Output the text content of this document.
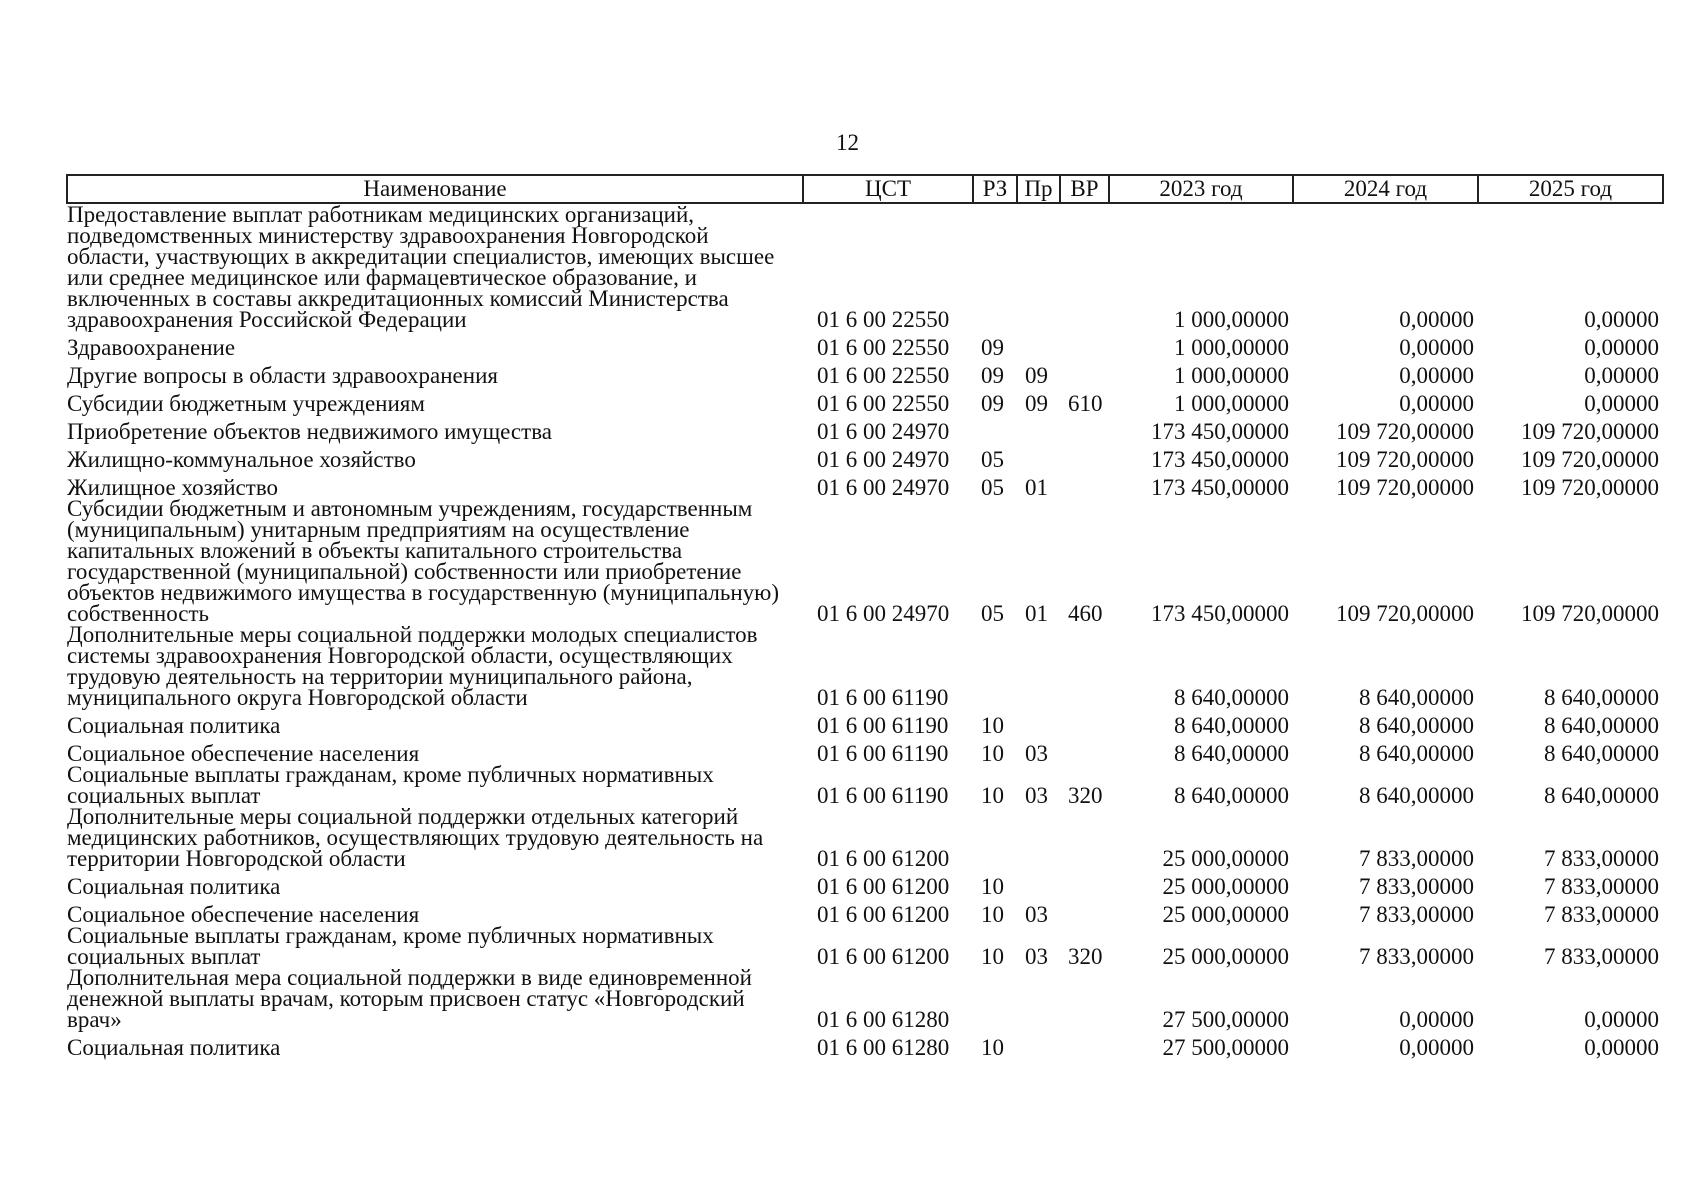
12
Наименование	ЦСТ	РЗ	Пр	ВР	2023 год	2024 год	2025 год
Предоставление выплат работникам медицинских организаций, подведомственных министерству здравоохранения Новгородской области, участвующих в аккредитации специалистов, имеющих высшее или среднее медицинское или фармацевтическое образование, и включенных в составы аккредитационных комиссий Министерства здравоохранения Российской Федерации	01 6 00 22550				1 000,00000	0,00000	0,00000
Здравоохранение	01 6 00 22550	09			1 000,00000	0,00000	0,00000
Другие вопросы в области здравоохранения	01 6 00 22550	09	09		1 000,00000	0,00000	0,00000
Субсидии бюджетным учреждениям	01 6 00 22550	09	09	610	1 000,00000	0,00000	0,00000
Приобретение объектов недвижимого имущества	01 6 00 24970				173 450,00000	109 720,00000	109 720,00000
Жилищно-коммунальное хозяйство	01 6 00 24970	05			173 450,00000	109 720,00000	109 720,00000
Жилищное хозяйство	01 6 00 24970	05	01		173 450,00000	109 720,00000	109 720,00000
Субсидии бюджетным и автономным учреждениям, государственным (муниципальным) унитарным предприятиям на осуществление капитальных вложений в объекты капитального строительства государственной (муниципальной) собственности или приобретение объектов недвижимого имущества в государственную (муниципальную) собственность	01 6 00 24970	05	01	460	173 450,00000	109 720,00000	109 720,00000
Дополнительные меры социальной поддержки молодых специалистов системы здравоохранения Новгородской области, осуществляющих трудовую деятельность на территории муниципального района, муниципального округа Новгородской области	01 6 00 61190				8 640,00000	8 640,00000	8 640,00000
Социальная политика	01 6 00 61190	10			8 640,00000	8 640,00000	8 640,00000
Социальное обеспечение населения	01 6 00 61190	10	03		8 640,00000	8 640,00000	8 640,00000
Социальные выплаты гражданам, кроме публичных нормативных социальных выплат	01 6 00 61190	10	03	320	8 640,00000	8 640,00000	8 640,00000
Дополнительные меры социальной поддержки отдельных категорий медицинских работников, осуществляющих трудовую деятельность на территории Новгородской области	01 6 00 61200				25 000,00000	7 833,00000	7 833,00000
Социальная политика	01 6 00 61200	10			25 000,00000	7 833,00000	7 833,00000
Социальное обеспечение населения	01 6 00 61200	10	03		25 000,00000	7 833,00000	7 833,00000
Социальные выплаты гражданам, кроме публичных нормативных социальных выплат	01 6 00 61200	10	03	320	25 000,00000	7 833,00000	7 833,00000
Дополнительная мера социальной поддержки в виде единовременной денежной выплаты врачам, которым присвоен статус «Новгородский врач»	01 6 00 61280				27 500,00000	0,00000	0,00000
Социальная политика	01 6 00 61280	10			27 500,00000	0,00000	0,00000
